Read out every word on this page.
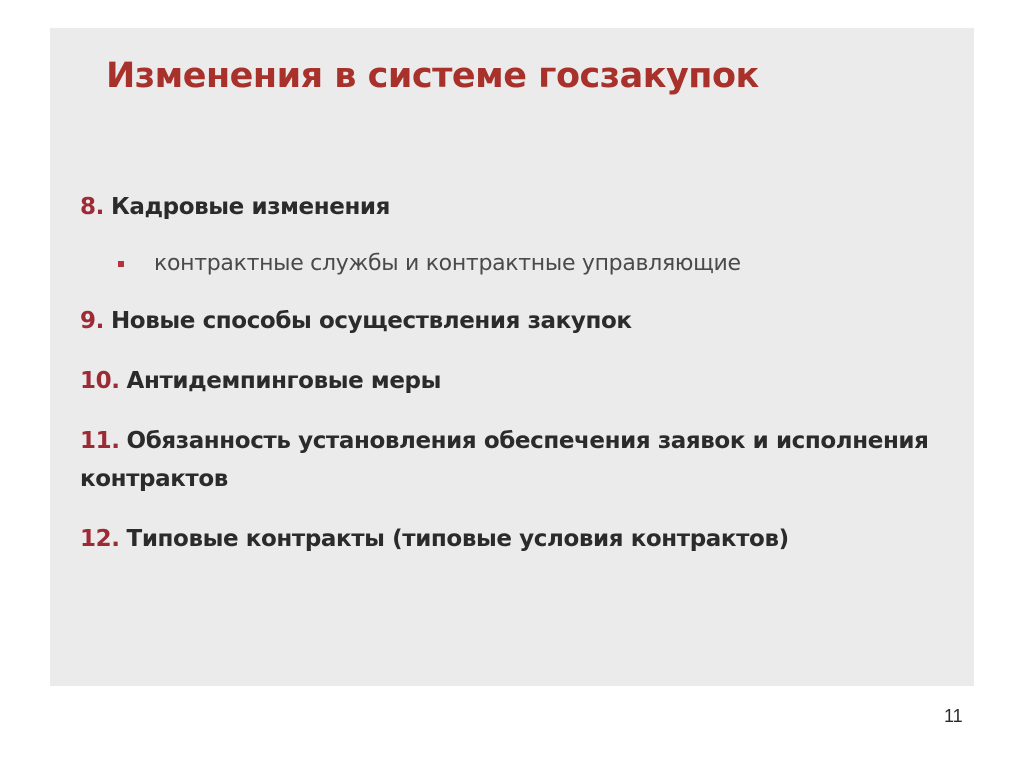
Изменения в системе госзакупок
8. Кадровые изменения
контрактные службы и контрактные управляющие
9. Новые способы осуществления закупок
10. Антидемпинговые меры
11. Обязанность установления обеспечения заявок и исполнения контрактов
12. Типовые контракты (типовые условия контрактов)
11
